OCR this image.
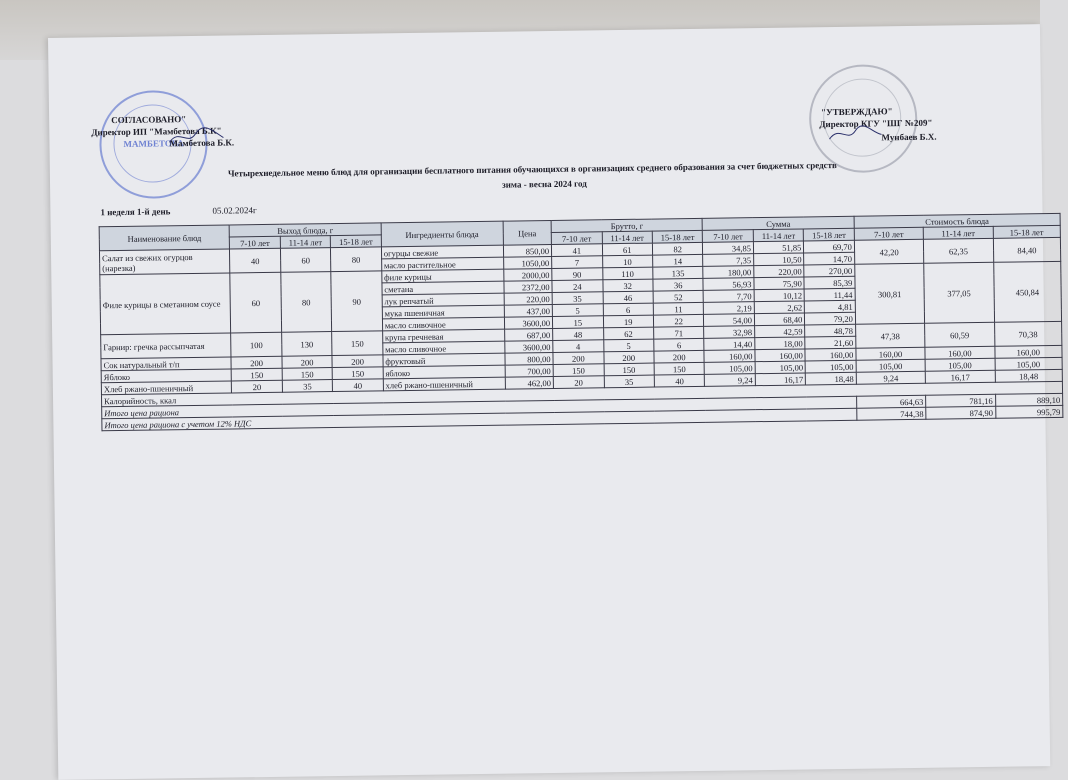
МАМБЕТОВА
СОГЛАСОВАНО"
Директор ИП "Мамбетова Б.К"
Мамбетова Б.К.
"УТВЕРЖДАЮ"
Директор КГУ "ШГ №209"
Мунбаев Б.Х.
Четырехнедельное меню блюд для организации бесплатного питания обучающихся в организациях среднего образования за счет бюджетных средств
зима - весна 2024 год
1 неделя 1-й день	05.02.2024г
Наименование блюд	Выход блюда, г			Ингредиенты блюда	Цена	Брутто, г			Сумма			Стоимость блюда		
	7-10 лет	11-14 лет	15-18 лет			7-10 лет	11-14 лет	15-18 лет	7-10 лет	11-14 лет	15-18 лет	7-10 лет	11-14 лет	15-18 лет
Салат из свежих огурцов (нарезка)	40	60	80	огурцы свежие	850,00	41	61	82	34,85	51,85	69,70	42,20	62,35	84,40
				масло растительное	1050,00	7	10	14	7,35	10,50	14,70			
Филе курицы в сметанном соусе	60	80	90	филе курицы	2000,00	90	110	135	180,00	220,00	270,00	300,81	377,05	450,84
				сметана	2372,00	24	32	36	56,93	75,90	85,39			
				лук репчатый	220,00	35	46	52	7,70	10,12	11,44			
				мука пшеничная	437,00	5	6	11	2,19	2,62	4,81			
				масло сливочное	3600,00	15	19	22	54,00	68,40	79,20			
Гарнир: гречка рассыпчатая	100	130	150	крупа гречневая	687,00	48	62	71	32,98	42,59	48,78	47,38	60,59	70,38
				масло сливочное	3600,00	4	5	6	14,40	18,00	21,60			
Сок натуральный т/п	200	200	200	фруктовый	800,00	200	200	200	160,00	160,00	160,00	160,00	160,00	160,00
Яблоко	150	150	150	яблоко	700,00	150	150	150	105,00	105,00	105,00	105,00	105,00	105,00
Хлеб ржано-пшеничный	20	35	40	хлеб ржано-пшеничный	462,00	20	35	40	9,24	16,17	18,48	9,24	16,17	18,48
Калорийность, ккал														
Итого цена рациона												664,63	781,16	889,10
Итого цена рациона с учетом 12% НДС												744,38	874,90	995,79
